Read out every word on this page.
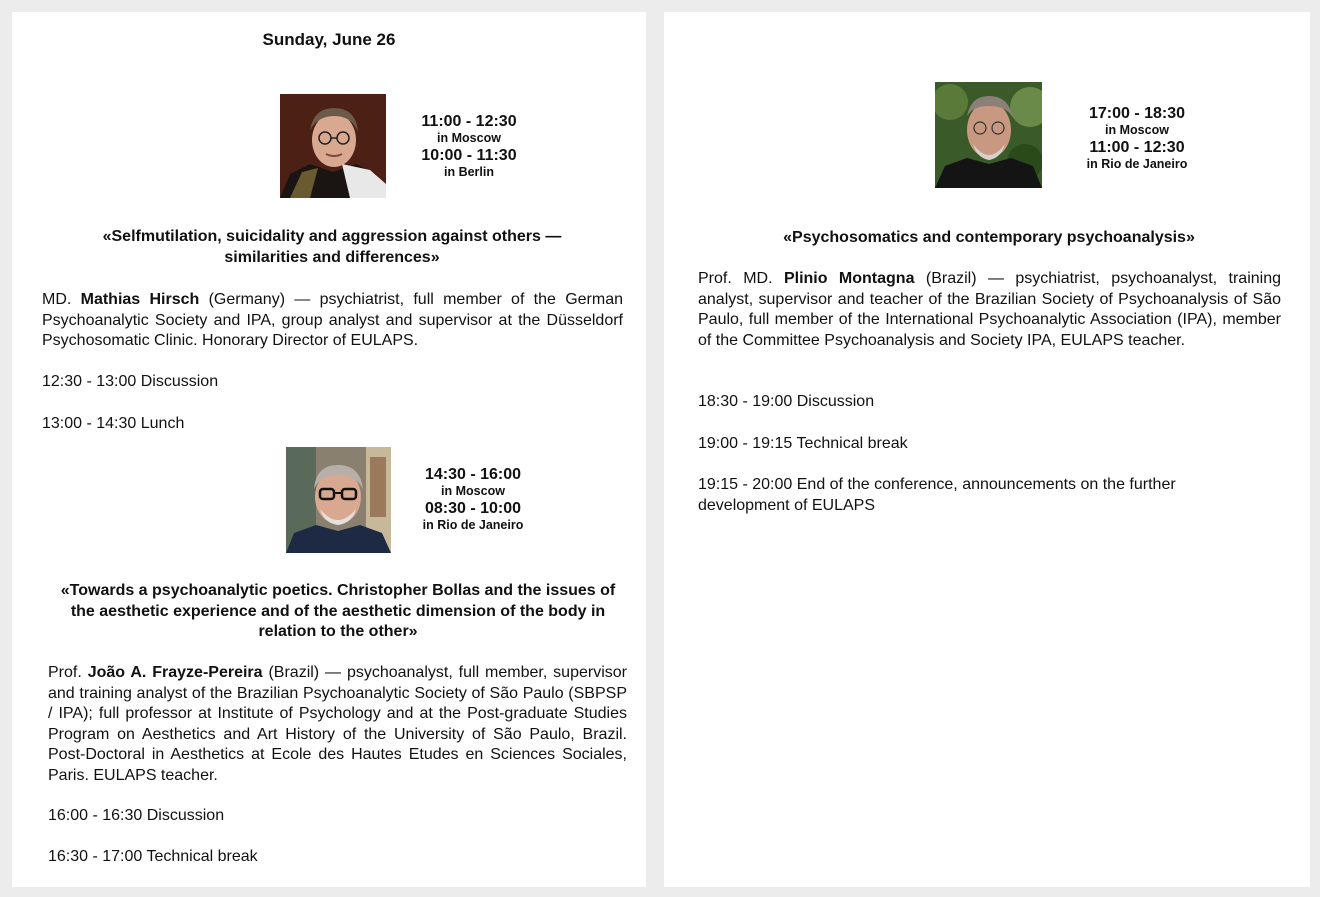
Sunday, June 26
11:00 - 12:30
in Moscow
10:00 - 11:30
in Berlin
«Selfmutilation, suicidality and aggression against others — similarities and differences»
MD. Mathias Hirsch (Germany) — psychiatrist, full member of the German Psychoanalytic Society and IPA, group analyst and supervisor at the Düsseldorf Psychosomatic Clinic. Honorary Director of EULAPS.
12:30 - 13:00 Discussion
13:00 - 14:30 Lunch
14:30 - 16:00
in Moscow
08:30 - 10:00
in Rio de Janeiro
«Towards a psychoanalytic poetics. Christopher Bollas and the issues of the aesthetic experience and of the aesthetic dimension of the body in relation to the other»
Prof. João A. Frayze-Pereira (Brazil) — psychoanalyst, full member, supervisor and training analyst of the Brazilian Psychoanalytic Society of São Paulo (SBPSP / IPA); full professor at Institute of Psychology and at the Post-graduate Studies Program on Aesthetics and Art History of the University of São Paulo, Brazil. Post-Doctoral in Aesthetics at Ecole des Hautes Etudes en Sciences Sociales, Paris. EULAPS teacher.
16:00 - 16:30 Discussion
16:30 - 17:00 Technical break
17:00 - 18:30
in Moscow
11:00 - 12:30
in Rio de Janeiro
«Psychosomatics and contemporary psychoanalysis»
Prof. MD. Plinio Montagna (Brazil) — psychiatrist, psychoanalyst, training analyst, supervisor and teacher of the Brazilian Society of Psychoanalysis of São Paulo, full member of the International Psychoanalytic Association (IPA), member of the Committee Psychoanalysis and Society IPA, EULAPS teacher.
18:30 - 19:00 Discussion
19:00 - 19:15 Technical break
19:15 - 20:00 End of the conference, announcements on the further development of EULAPS
